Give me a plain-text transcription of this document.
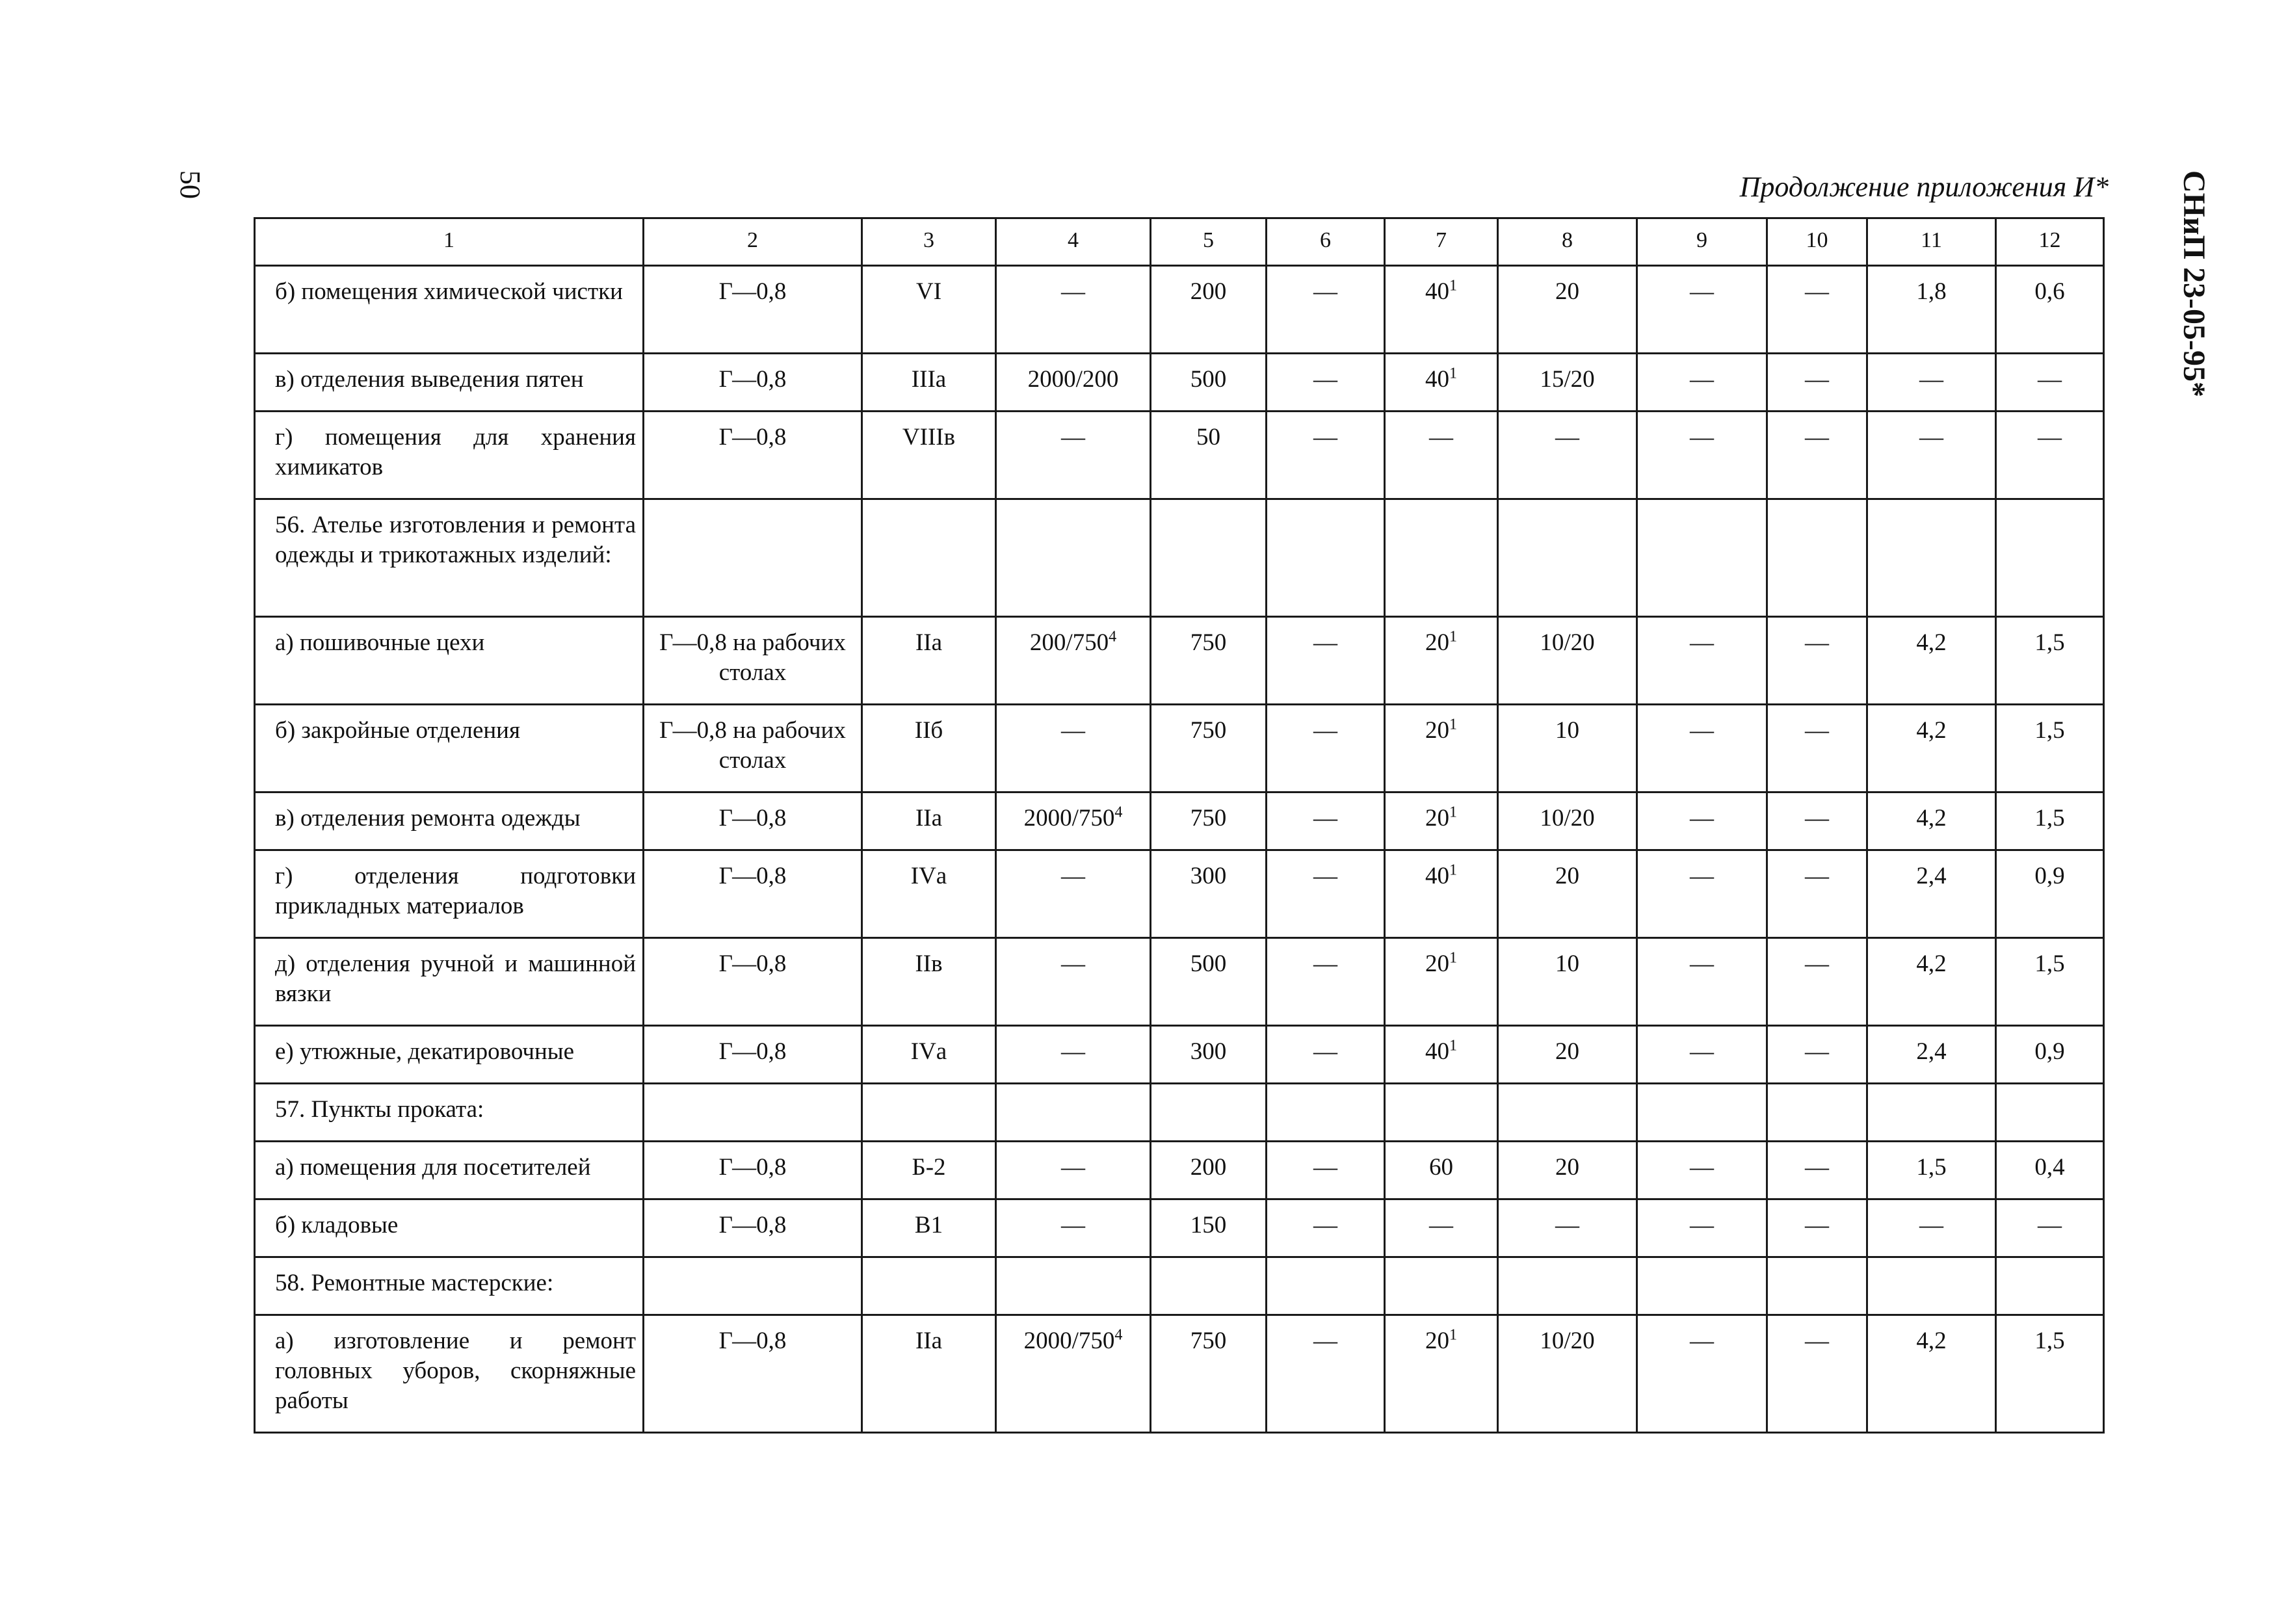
50	Продолжение приложения И* СНиП 23-05-95*
1	2	3	4	5	6	7	8	9	10	11	12
б) помещения химической чистки	Г—0,8	VI	—	200	—	$40^1$	20	—	—	1,8	0,6
в) отделения выведения пятен	Г—0,8	IIIа	2000/200	500	—	$40^1$	15/20	—	—	—	—
г) помещения для хранения химикатов	Г—0,8	VIIIв	—	50	—	—	—	—	—	—	—
56. Ателье изготовления и ремонта одежды и трикотажных изделий:											
а) пошивочные цехи	Г—0,8 на рабочих столах	IIа	$200/750^4$	750	—	$20^1$	10/20	—	—	4,2	1,5
б) закройные отделения	Г—0,8 на рабочих столах	IIб	—	750	—	$20^1$	10	—	—	4,2	1,5
в) отделения ремонта одежды	Г—0,8	IIа	$2000/750^4$	750	—	$20^1$	10/20	—	—	4,2	1,5
г) отделения подготовки прикладных материалов	Г—0,8	IVа	—	300	—	$40^1$	20	—	—	2,4	0,9
д) отделения ручной и машинной вязки	Г—0,8	IIв	—	500	—	$20^1$	10	—	—	4,2	1,5
е) утюжные, декатировочные	Г—0,8	IVа	—	300	—	$40^1$	20	—	—	2,4	0,9
57. Пункты проката:											
а) помещения для посетителей	Г—0,8	Б-2	—	200	—	60	20	—	—	1,5	0,4
б) кладовые	Г—0,8	В1	—	150	—	—	—	—	—	—	—
58. Ремонтные мастерские:											
а) изготовление и ремонт головных уборов, скорняжные работы	Г—0,8	IIа	$2000/750^4$	750	—	$20^1$	10/20	—	—	4,2	1,5
